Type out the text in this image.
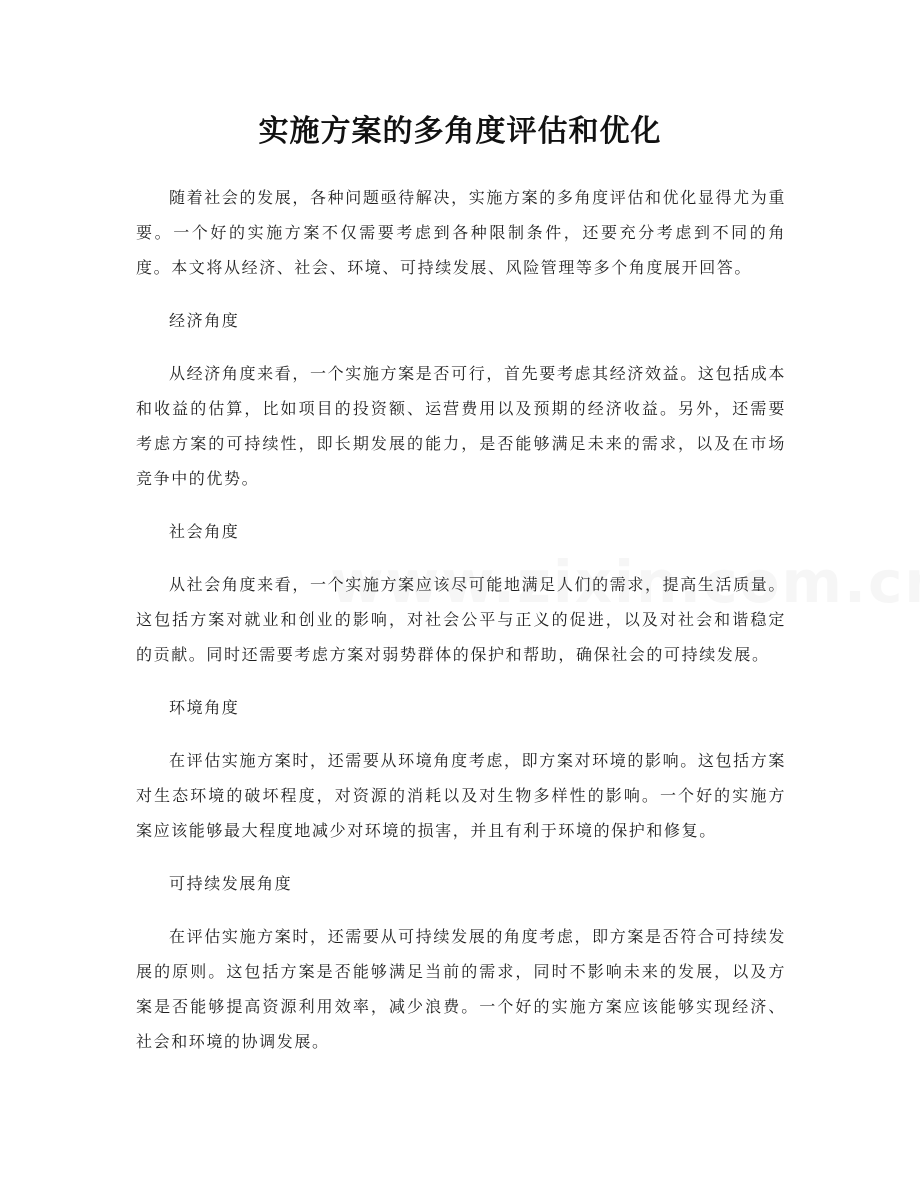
实施方案的多角度评估和优化

随着社会的发展，各种问题亟待解决，实施方案的多角度评估和优化显得尤为重要。一个好的实施方案不仅需要考虑到各种限制条件，还要充分考虑到不同的角度。本文将从经济、社会、环境、可持续发展、风险管理等多个角度展开回答。

经济角度

从经济角度来看，一个实施方案是否可行，首先要考虑其经济效益。这包括成本和收益的估算，比如项目的投资额、运营费用以及预期的经济收益。另外，还需要考虑方案的可持续性，即长期发展的能力，是否能够满足未来的需求，以及在市场竞争中的优势。

社会角度

从社会角度来看，一个实施方案应该尽可能地满足人们的需求，提高生活质量。这包括方案对就业和创业的影响，对社会公平与正义的促进，以及对社会和谐稳定的贡献。同时还需要考虑方案对弱势群体的保护和帮助，确保社会的可持续发展。

环境角度

在评估实施方案时，还需要从环境角度考虑，即方案对环境的影响。这包括方案对生态环境的破坏程度，对资源的消耗以及对生物多样性的影响。一个好的实施方案应该能够最大程度地减少对环境的损害，并且有利于环境的保护和修复。

可持续发展角度

在评估实施方案时，还需要从可持续发展的角度考虑，即方案是否符合可持续发展的原则。这包括方案是否能够满足当前的需求，同时不影响未来的发展，以及方案是否能够提高资源利用效率，减少浪费。一个好的实施方案应该能够实现经济、社会和环境的协调发展。
